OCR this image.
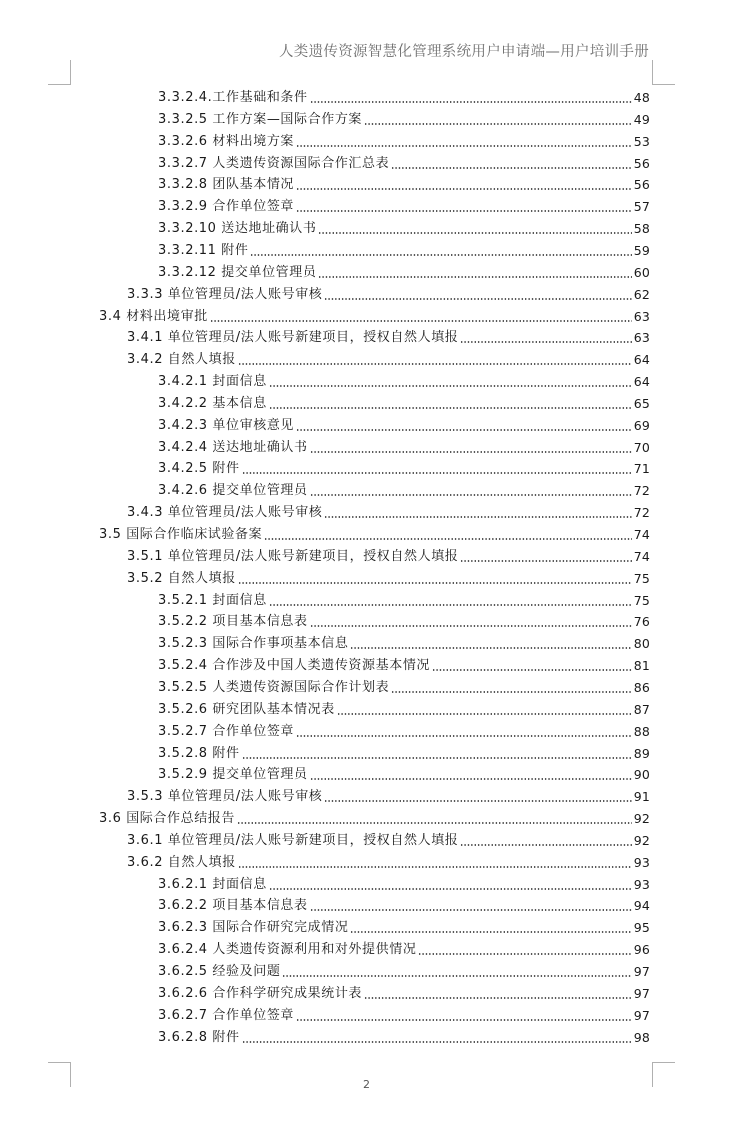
人类遗传资源智慧化管理系统用户申请端—用户培训手册
3.3.2.4.工作基础和条件	48
3.3.2.5 工作方案—国际合作方案	49
3.3.2.6 材料出境方案	53
3.3.2.7 人类遗传资源国际合作汇总表	56
3.3.2.8 团队基本情况	56
3.3.2.9 合作单位签章	57
3.3.2.10 送达地址确认书	58
3.3.2.11 附件	59
3.3.2.12 提交单位管理员	60
3.3.3 单位管理员/法人账号审核	62
3.4 材料出境审批	63
3.4.1 单位管理员/法人账号新建项目，授权自然人填报	63
3.4.2 自然人填报	64
3.4.2.1 封面信息	64
3.4.2.2 基本信息	65
3.4.2.3 单位审核意见	69
3.4.2.4 送达地址确认书	70
3.4.2.5 附件	71
3.4.2.6 提交单位管理员	72
3.4.3 单位管理员/法人账号审核	72
3.5 国际合作临床试验备案	74
3.5.1 单位管理员/法人账号新建项目，授权自然人填报	74
3.5.2 自然人填报	75
3.5.2.1 封面信息	75
3.5.2.2 项目基本信息表	76
3.5.2.3 国际合作事项基本信息	80
3.5.2.4 合作涉及中国人类遗传资源基本情况	81
3.5.2.5 人类遗传资源国际合作计划表	86
3.5.2.6 研究团队基本情况表	87
3.5.2.7 合作单位签章	88
3.5.2.8 附件	89
3.5.2.9 提交单位管理员	90
3.5.3 单位管理员/法人账号审核	91
3.6 国际合作总结报告	92
3.6.1 单位管理员/法人账号新建项目，授权自然人填报	92
3.6.2 自然人填报	93
3.6.2.1 封面信息	93
3.6.2.2 项目基本信息表	94
3.6.2.3 国际合作研究完成情况	95
3.6.2.4 人类遗传资源利用和对外提供情况	96
3.6.2.5 经验及问题	97
3.6.2.6 合作科学研究成果统计表	97
3.6.2.7 合作单位签章	97
3.6.2.8 附件	98
2
